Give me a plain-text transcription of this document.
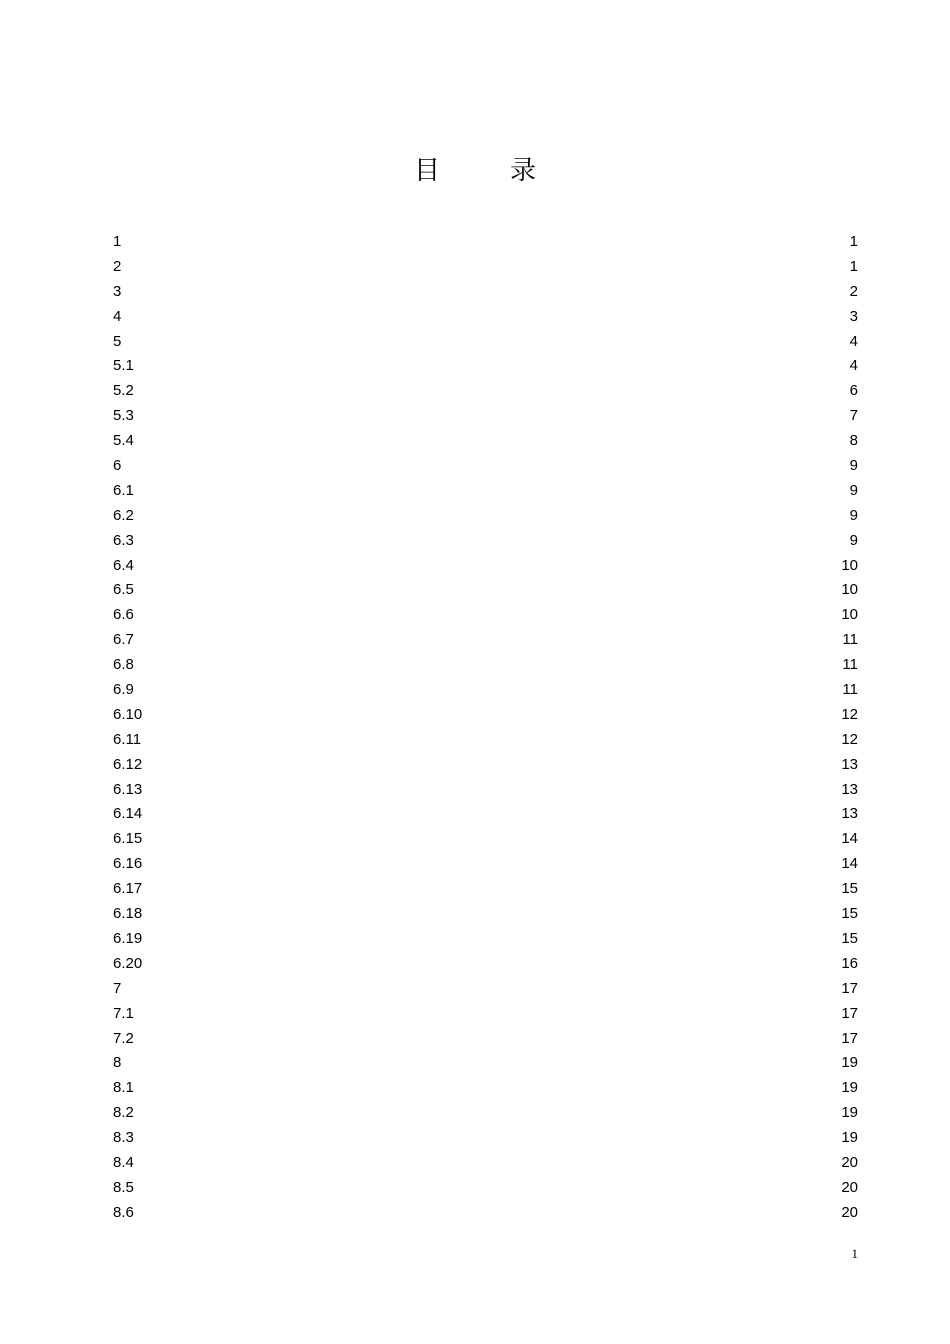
目	录
1	1
2	1
3	2
4	3
5	4
5.1	4
5.2	6
5.3	7
5.4	8
6	9
6.1	9
6.2	9
6.3	9
6.4	10
6.5	10
6.6	10
6.7	11
6.8	11
6.9	11
6.10	12
6.11	12
6.12	13
6.13	13
6.14	13
6.15	14
6.16	14
6.17	15
6.18	15
6.19	15
6.20	16
7	17
7.1	17
7.2	17
8	19
8.1	19
8.2	19
8.3	19
8.4	20
8.5	20
8.6	20
1
